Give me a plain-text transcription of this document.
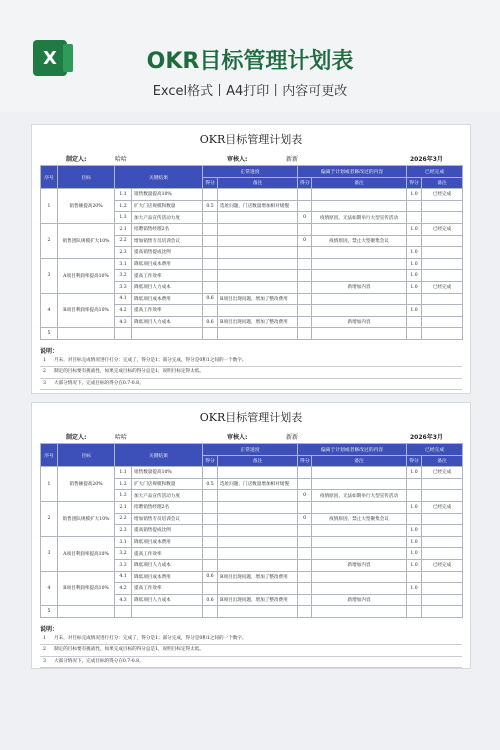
X	OKR目标管理计划表
Excel格式丨A4打印丨内容可更改
OKR目标管理计划表
制定人:	哈哈	审核人:	新新	2026年3月
序号	目标	关键结果		正常进度		偏离于计划或者修改过的内容		已经完成	
				得分	备注	得分	备注	得分	备注
1	销售额提高20%	1.1	销售数量提高10%					1.0	已经完成
		1.2	扩大门店规模和数量	0.5	选址问题，门店数量增加相对缓慢				
		1.3	加大产品宣传活动力度			0	疫情原因，无法如期举行大型宣传活动		
2	销售团队规模扩大10%	2.1	招聘销售经理2名					1.0	已经完成
		2.2	增加销售专员培训会议			0	疫情原因，禁止大型聚集会议		
		2.3	提高销售提成比例					1.0	
3	A项目利润率提高10%	3.1	降低项目成本费用					1.0	
		3.2	提高工作效率					1.0	
		3.3	降低项目人力成本				新增加内容	1.0	已经完成
4	B项目利润率提高10%	4.1	降低项目成本费用	0.6	B项目出现问题，增加了整改费用				
		4.2	提高工作效率					1.0	
		4.3	降低项目人力成本	0.6	B项目出现问题，增加了整改费用		新增加内容		
5									
说明：
1 月末，对目标完成情况进行打分：完成了，得分是1；部分完成，得分是0和1之间的一个数字。
2 制定的目标要有挑战性，如果完成目标的得分总是1，说明目标定得太低。
3 大部分情况下，完成目标的得分在0.7-0.8。
OKR目标管理计划表
制定人:	哈哈	审核人:	新新	2026年3月
序号	目标	关键结果		正常进度		偏离于计划或者修改过的内容		已经完成	
				得分	备注	得分	备注	得分	备注
1	销售额提高20%	1.1	销售数量提高10%					1.0	已经完成
		1.2	扩大门店规模和数量	0.5	选址问题，门店数量增加相对缓慢				
		1.3	加大产品宣传活动力度			0	疫情原因，无法如期举行大型宣传活动		
2	销售团队规模扩大10%	2.1	招聘销售经理2名					1.0	已经完成
		2.2	增加销售专员培训会议			0	疫情原因，禁止大型聚集会议		
		2.3	提高销售提成比例					1.0	
3	A项目利润率提高10%	3.1	降低项目成本费用					1.0	
		3.2	提高工作效率					1.0	
		3.3	降低项目人力成本				新增加内容	1.0	已经完成
4	B项目利润率提高10%	4.1	降低项目成本费用	0.6	B项目出现问题，增加了整改费用				
		4.2	提高工作效率					1.0	
		4.3	降低项目人力成本	0.6	B项目出现问题，增加了整改费用		新增加内容		
5									
说明：
1 月末，对目标完成情况进行打分：完成了，得分是1；部分完成，得分是0和1之间的一个数字。
2 制定的目标要有挑战性，如果完成目标的得分总是1，说明目标定得太低。
3 大部分情况下，完成目标的得分在0.7-0.8。
